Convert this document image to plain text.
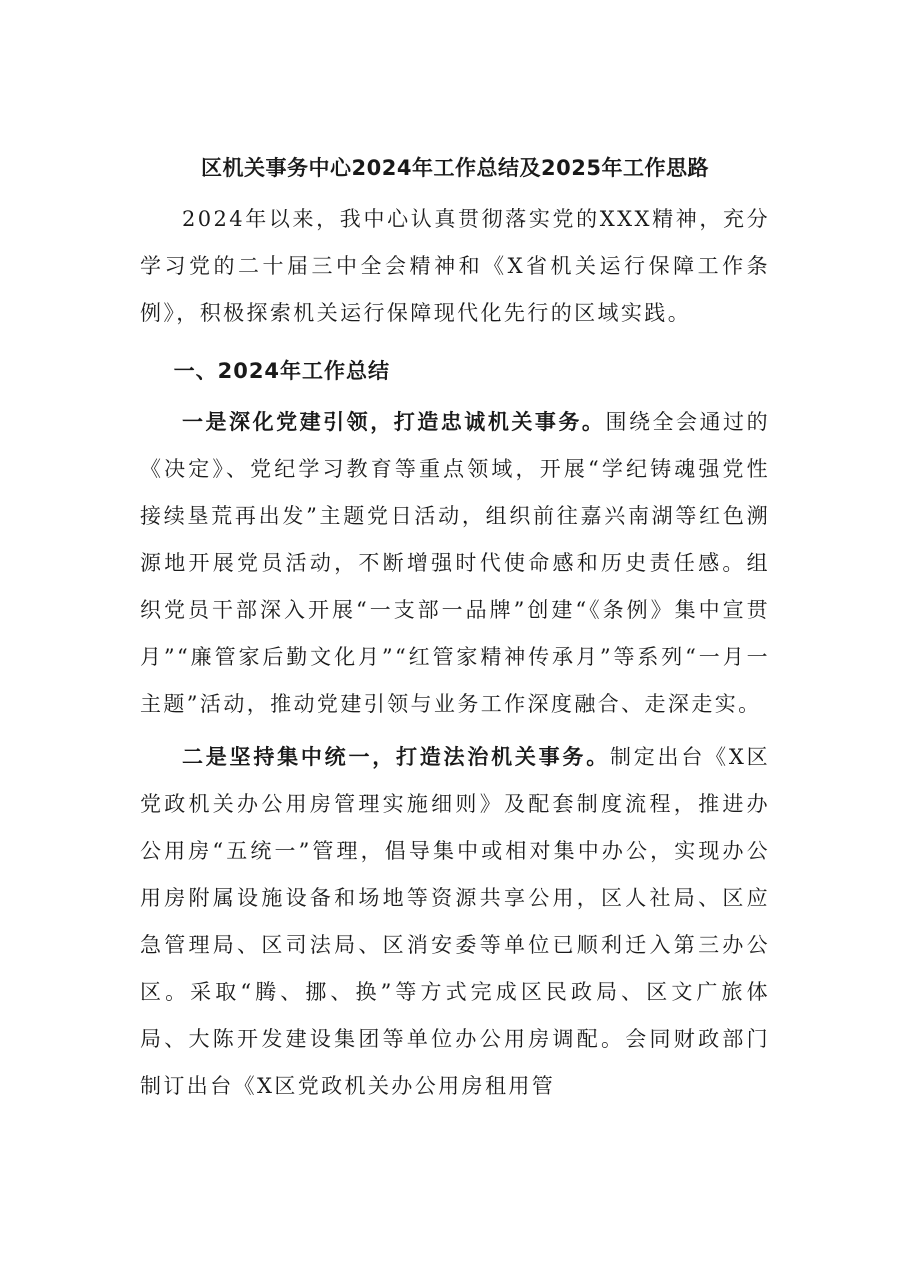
区机关事务中心2024年工作总结及2025年工作思路

2024年以来，我中心认真贯彻落实党的XXX精神，充分学习党的二十届三中全会精神和《X省机关运行保障工作条例》，积极探索机关运行保障现代化先行的区域实践。

一、2024年工作总结

一是深化党建引领，打造忠诚机关事务。围绕全会通过的《决定》、党纪学习教育等重点领域，开展“学纪铸魂强党性接续垦荒再出发”主题党日活动，组织前往嘉兴南湖等红色溯源地开展党员活动，不断增强时代使命感和历史责任感。组织党员干部深入开展“一支部一品牌”创建“《条例》集中宣贯月”“廉管家后勤文化月”“红管家精神传承月”等系列“一月一主题”活动，推动党建引领与业务工作深度融合、走深走实。

二是坚持集中统一，打造法治机关事务。制定出台《X区党政机关办公用房管理实施细则》及配套制度流程，推进办公用房“五统一”管理，倡导集中或相对集中办公，实现办公用房附属设施设备和场地等资源共享公用，区人社局、区应急管理局、区司法局、区消安委等单位已顺利迁入第三办公区。采取“腾、挪、换”等方式完成区民政局、区文广旅体局、大陈开发建设集团等单位办公用房调配。会同财政部门制订出台《X区党政机关办公用房租用管
